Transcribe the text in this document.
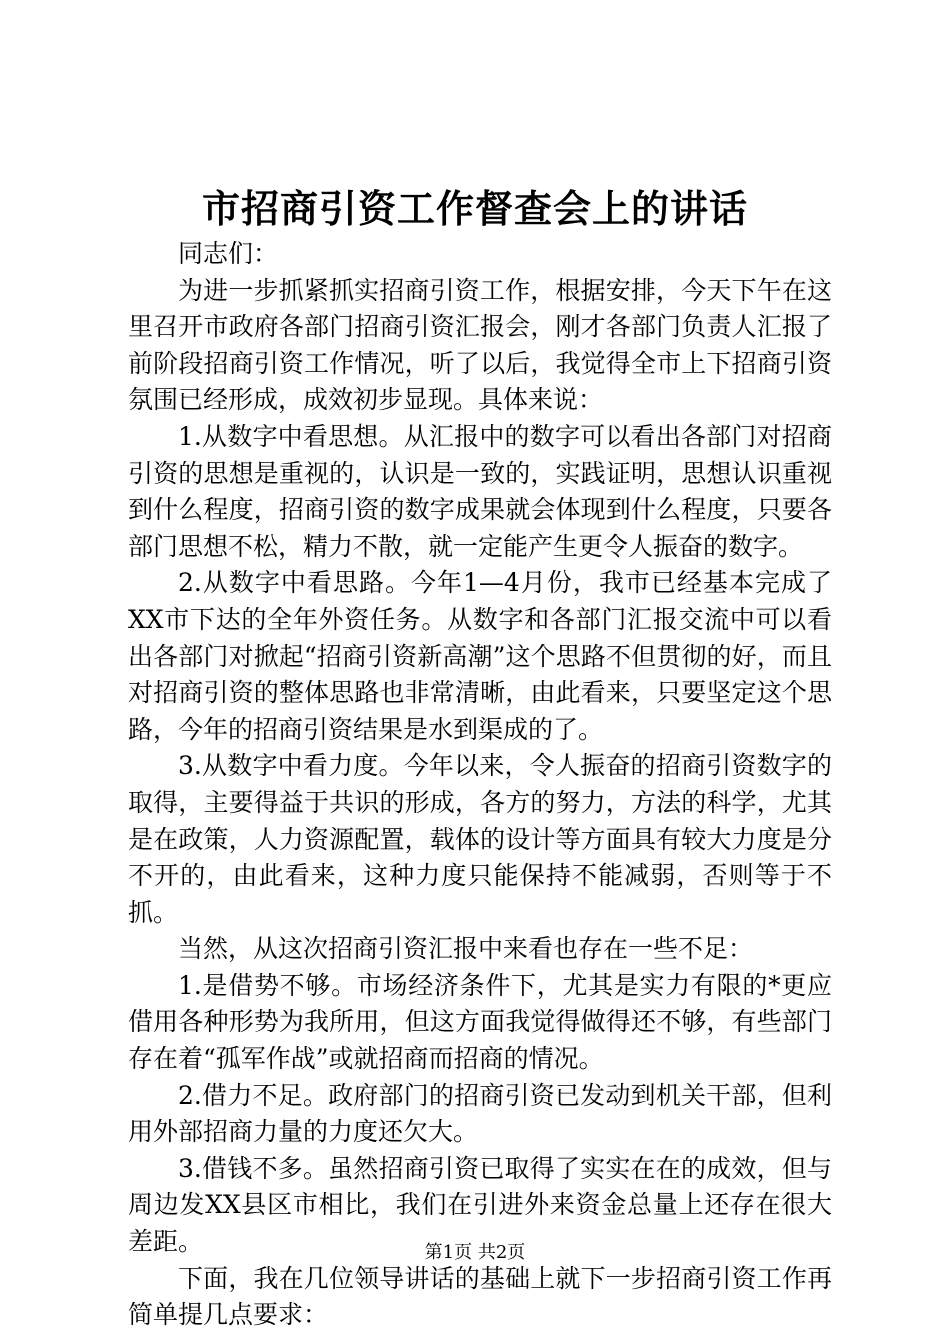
市招商引资工作督查会上的讲话

同志们：

为进一步抓紧抓实招商引资工作，根据安排，今天下午在这里召开市政府各部门招商引资汇报会，刚才各部门负责人汇报了前阶段招商引资工作情况，听了以后，我觉得全市上下招商引资氛围已经形成，成效初步显现。具体来说：

1.从数字中看思想。从汇报中的数字可以看出各部门对招商引资的思想是重视的，认识是一致的，实践证明，思想认识重视到什么程度，招商引资的数字成果就会体现到什么程度，只要各部门思想不松，精力不散，就一定能产生更令人振奋的数字。

2.从数字中看思路。今年1—4月份，我市已经基本完成了XX市下达的全年外资任务。从数字和各部门汇报交流中可以看出各部门对掀起“招商引资新高潮”这个思路不但贯彻的好，而且对招商引资的整体思路也非常清晰，由此看来，只要坚定这个思路，今年的招商引资结果是水到渠成的了。

3.从数字中看力度。今年以来，令人振奋的招商引资数字的取得，主要得益于共识的形成，各方的努力，方法的科学，尤其是在政策，人力资源配置，载体的设计等方面具有较大力度是分不开的，由此看来，这种力度只能保持不能减弱，否则等于不抓。

当然，从这次招商引资汇报中来看也存在一些不足：

1.是借势不够。市场经济条件下，尤其是实力有限的*更应借用各种形势为我所用，但这方面我觉得做得还不够，有些部门存在着“孤军作战”或就招商而招商的情况。

2.借力不足。政府部门的招商引资已发动到机关干部，但利用外部招商力量的力度还欠大。

3.借钱不多。虽然招商引资已取得了实实在在的成效，但与周边发XX县区市相比，我们在引进外来资金总量上还存在很大差距。

下面，我在几位领导讲话的基础上就下一步招商引资工作再简单提几点要求：

第1页 共2页
